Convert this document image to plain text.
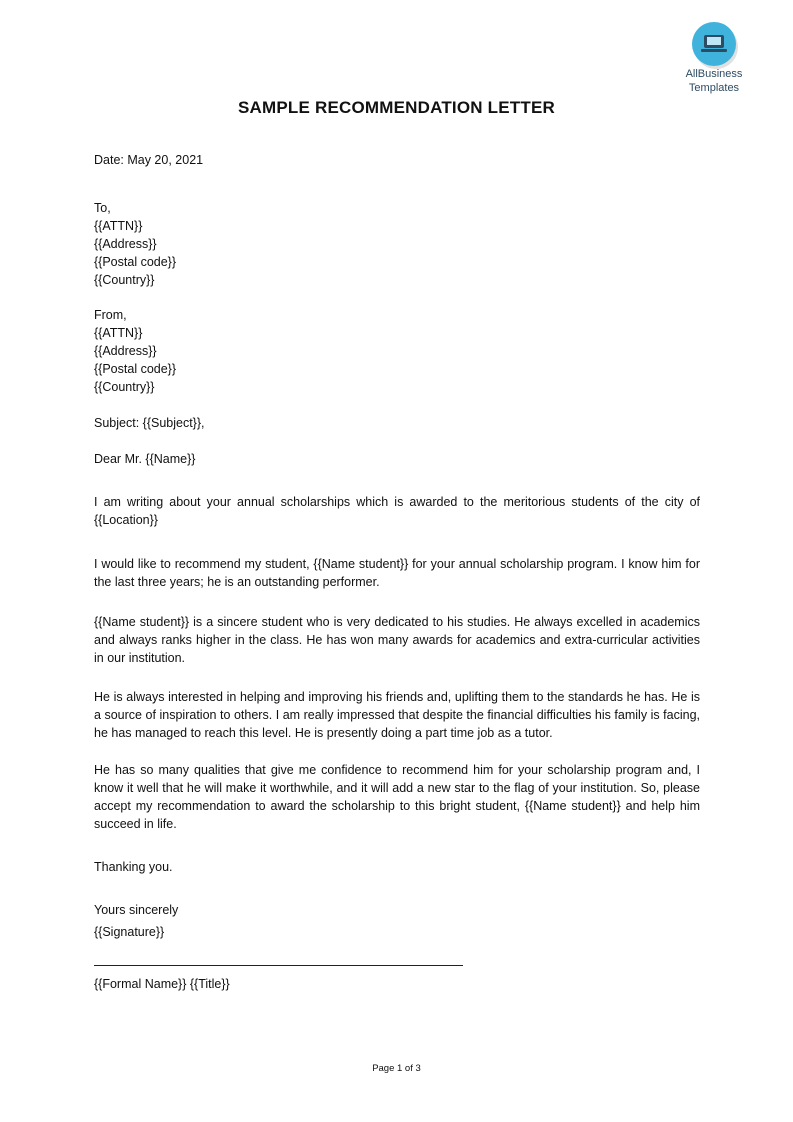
AllBusiness
Templates
SAMPLE RECOMMENDATION LETTER
Date: May 20, 2021
To,
{{ATTN}}
{{Address}}
{{Postal code}}
{{Country}}
From,
{{ATTN}}
{{Address}}
{{Postal code}}
{{Country}}
Subject: {{Subject}},
Dear Mr. {{Name}}
I am writing about your annual scholarships which is awarded to the meritorious students of the city of {{Location}}
I would like to recommend my student, {{Name student}} for your annual scholarship program. I know him for the last three years; he is an outstanding performer.
{{Name student}} is a sincere student who is very dedicated to his studies. He always excelled in academics and always ranks higher in the class. He has won many awards for academics and extra-curricular activities in our institution.
He is always interested in helping and improving his friends and, uplifting them to the standards he has. He is a source of inspiration to others. I am really impressed that despite the financial difficulties his family is facing, he has managed to reach this level. He is presently doing a part time job as a tutor.
He has so many qualities that give me confidence to recommend him for your scholarship program and, I know it well that he will make it worthwhile, and it will add a new star to the flag of your institution. So, please accept my recommendation to award the scholarship to this bright student, {{Name student}} and help him succeed in life.
Thanking you.
Yours sincerely
{{Signature}}
{{Formal Name}} {{Title}}
Page 1 of 3
